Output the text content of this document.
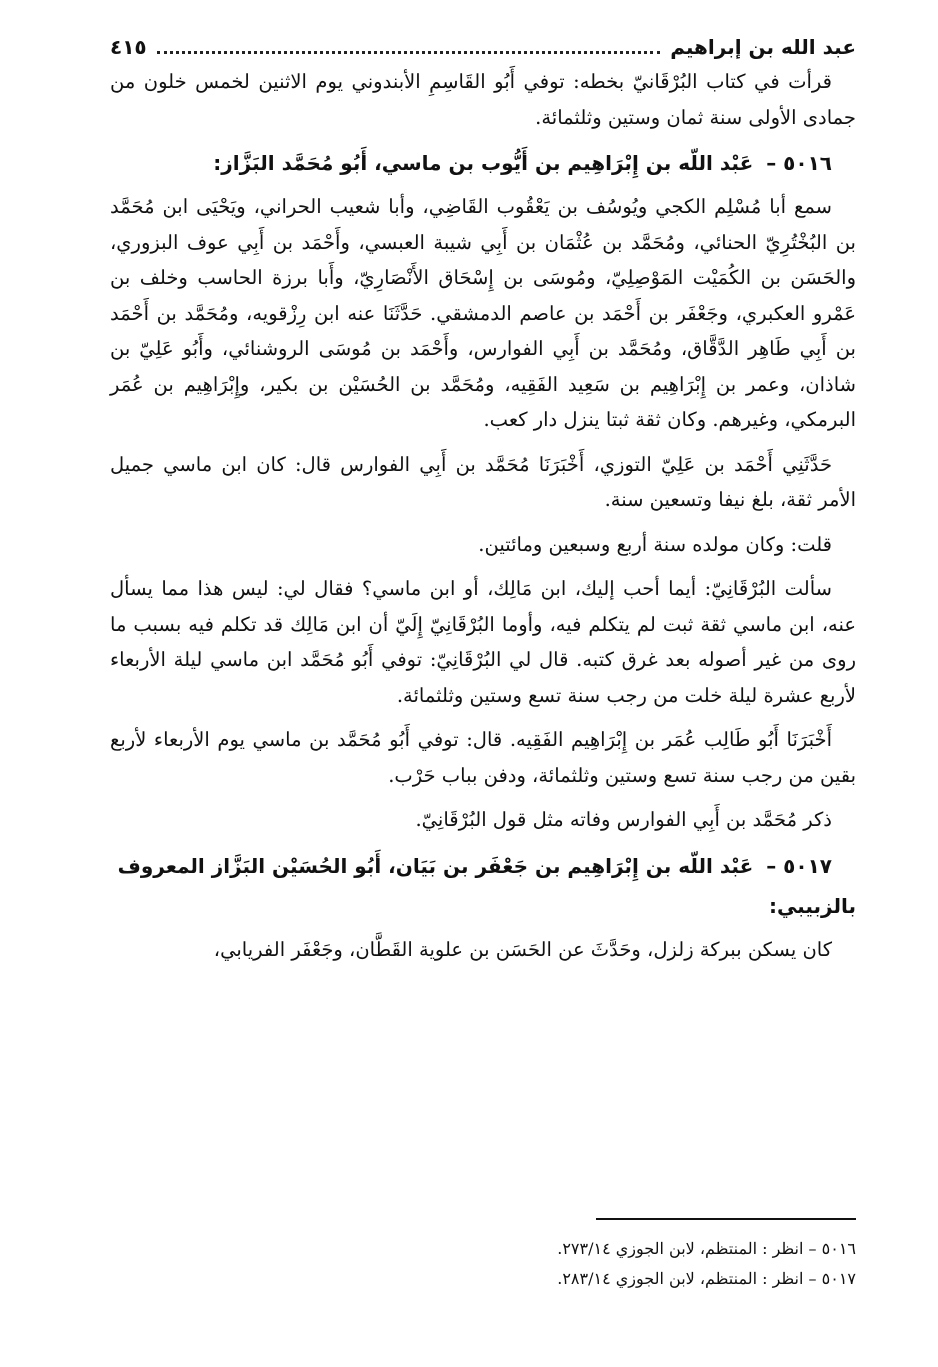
عبد الله بن إبراهيم
٤١٥

قرأت في كتاب البُرْقَانيّ بخطه: توفي أَبُو القَاسِمِ الأبندوني يوم الاثنين لخمس خلون من جمادى الأولى سنة ثمان وستين وثلثمائة.

٥٠١٦ – عَبْد اللّه بن إِبْرَاهِيم بن أَيُّوب بن ماسي، أَبُو مُحَمَّد البَزَّاز:

سمع أبا مُسْلِم الكجي ويُوسُف بن يَعْقُوب القَاضِي، وأبا شعيب الحراني، ويَحْيَى ابن مُحَمَّد بن البُخْتُرِيّ الحنائي، ومُحَمَّد بن عُثْمَان بن أَبِي شيبة العبسي، وأَحْمَد بن أَبِي عوف البزوري، والحَسَن بن الكُمَيْت المَوْصِلِيّ، ومُوسَى بن إِسْحَاق الأَنْصَارِيّ، وأَبا برزة الحاسب وخلف بن عَمْرو العكبري، وجَعْفَر بن أَحْمَد بن عاصم الدمشقي. حَدَّثَنَا عنه ابن رِزْقويه، ومُحَمَّد بن أَحْمَد بن أَبِي طَاهِر الدَّقَّاق، ومُحَمَّد بن أَبِي الفوارس، وأَحْمَد بن مُوسَى الروشنائي، وأَبُو عَلِيّ بن شاذان، وعمر بن إِبْرَاهِيم بن سَعِيد الفَقِيه، ومُحَمَّد بن الحُسَيْن بن بكير، وإِبْرَاهِيم بن عُمَر البرمكي، وغيرهم. وكان ثقة ثبتا ينزل دار كعب.

حَدَّثَنِي أَحْمَد بن عَلِيّ التوزي، أَخْبَرَنَا مُحَمَّد بن أَبِي الفوارس قال: كان ابن ماسي جميل الأمر ثقة، بلغ نيفا وتسعين سنة.

قلت: وكان مولده سنة أربع وسبعين ومائتين.

سألت البُرْقَانِيّ: أيما أحب إليك، ابن مَالِك، أو ابن ماسي؟ فقال لي: ليس هذا مما يسأل عنه، ابن ماسي ثقة ثبت لم يتكلم فيه، وأوما البُرْقَانِيّ إِلَيّ أن ابن مَالِك قد تكلم فيه بسبب ما روى من غير أصوله بعد غرق كتبه. قال لي البُرْقَانِيّ: توفي أَبُو مُحَمَّد ابن ماسي ليلة الأربعاء لأربع عشرة ليلة خلت من رجب سنة تسع وستين وثلثمائة.

أَخْبَرَنَا أَبُو طَالِب عُمَر بن إِبْرَاهِيم الفَقِيه. قال: توفي أَبُو مُحَمَّد بن ماسي يوم الأربعاء لأربع بقين من رجب سنة تسع وستين وثلثمائة، ودفن بباب حَرْب.

ذكر مُحَمَّد بن أَبِي الفوارس وفاته مثل قول البُرْقَانِيّ.

٥٠١٧ – عَبْد اللّه بن إِبْرَاهِيم بن جَعْفَر بن بَيَان، أَبُو الحُسَيْن البَزَّاز المعروف بالزبيبي:

كان يسكن ببركة زلزل، وحَدَّثَ عن الحَسَن بن علوية القَطَّان، وجَعْفَر الفريابي،

٥٠١٦ – انظر : المنتظم، لابن الجوزي ٢٧٣/١٤.

٥٠١٧ – انظر : المنتظم، لابن الجوزي ٢٨٣/١٤.
